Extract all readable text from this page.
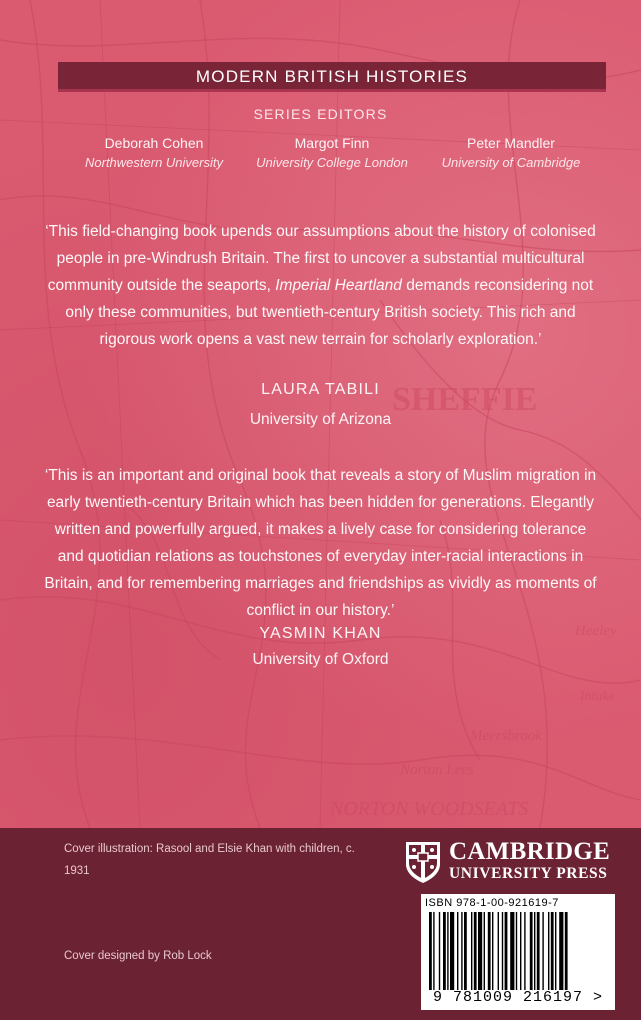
SHEFFIE
NORTON WOODSEATS
Meersbrook
Norton Lees
Heeley
Intake
MODERN BRITISH HISTORIES
SERIES EDITORS
Deborah Cohen
Northwestern University
Margot Finn
University College London
Peter Mandler
University of Cambridge
‘This field-changing book upends our assumptions about the history of colonised people in pre-Windrush Britain. The first to uncover a substantial multicultural community outside the seaports, Imperial Heartland demands reconsidering not only these communities, but twentieth-century British society. This rich and rigorous work opens a vast new terrain for scholarly exploration.’
LAURA TABILI
University of Arizona
‘This is an important and original book that reveals a story of Muslim migration in early twentieth-century Britain which has been hidden for generations. Elegantly written and powerfully argued, it makes a lively case for considering tolerance and quotidian relations as touchstones of everyday inter-racial interactions in Britain, and for remembering marriages and friendships as vividly as moments of conflict in our history.’
YASMIN KHAN
University of Oxford
Cover illustration: Rasool and Elsie Khan with children, c. 1931
Cover designed by Rob Lock
CAMBRIDGE
UNIVERSITY PRESS
ISBN 978-1-00-921619-7
9 781009 216197 >
